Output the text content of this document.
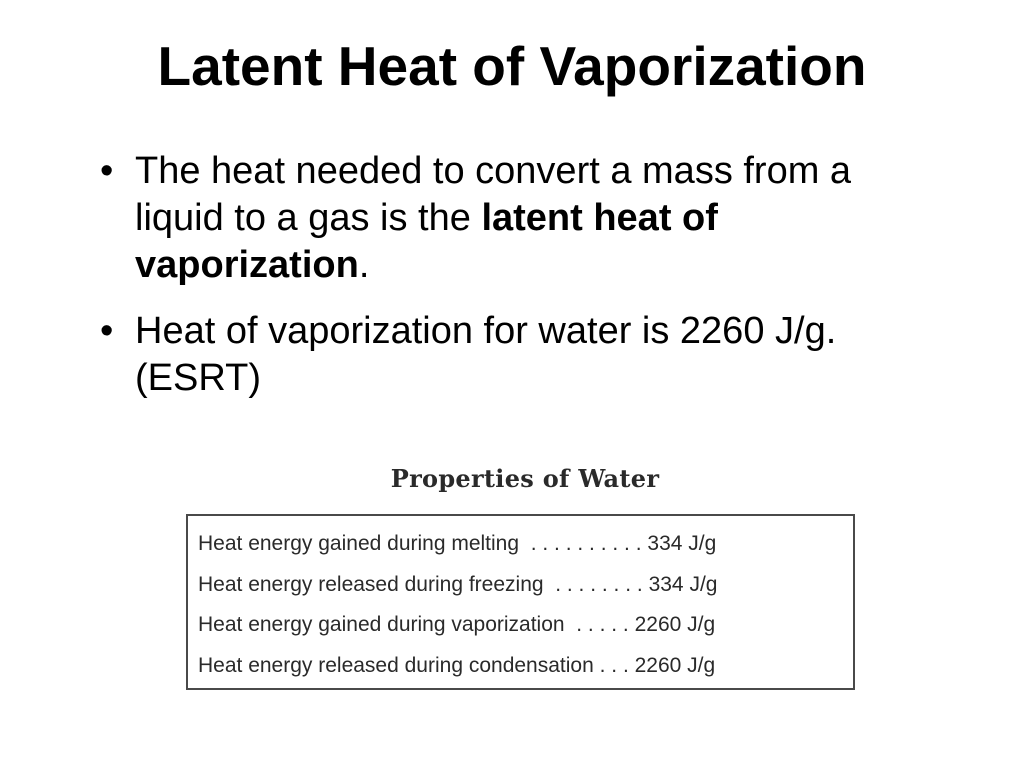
Latent Heat of Vaporization
• The heat needed to convert a mass from a liquid to a gas is the latent heat of vaporization.
• Heat of vaporization for water is 2260 J/g. (ESRT)
Properties of Water
Heat energy gained during melting  . . . . . . . . . . 334 J/g
Heat energy released during freezing  . . . . . . . . 334 J/g
Heat energy gained during vaporization  . . . . . 2260 J/g
Heat energy released during condensation . . . 2260 J/g
